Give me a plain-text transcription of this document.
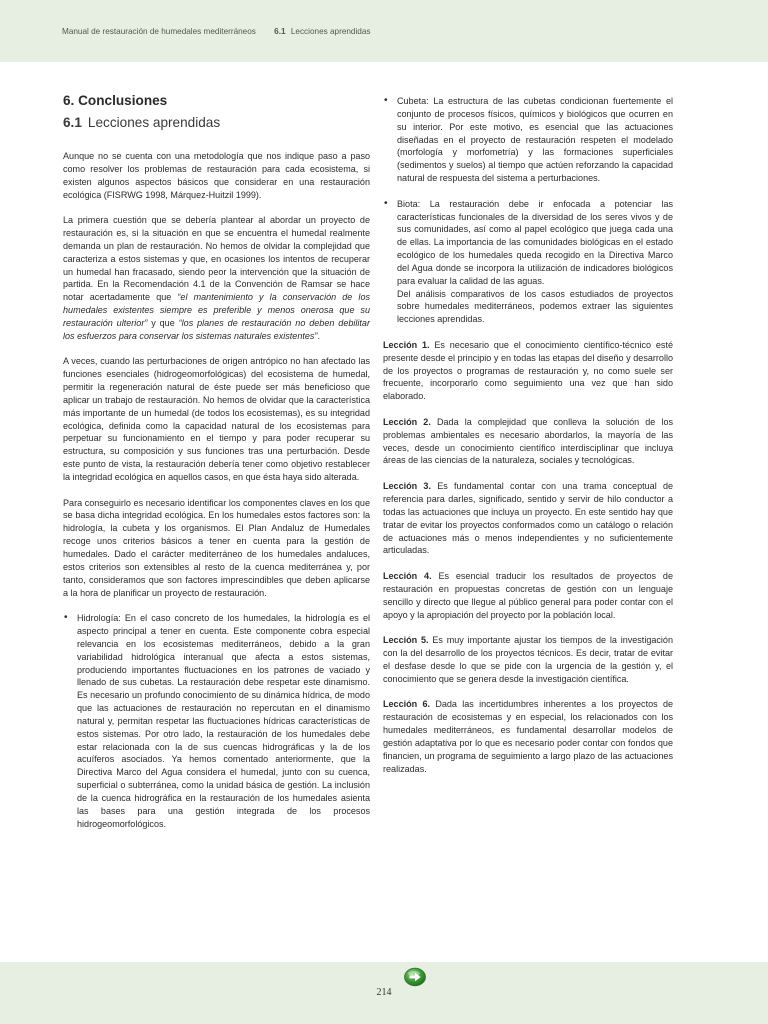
Manual de restauración de humedales mediterráneos 6.1 Lecciones aprendidas
6. Conclusiones
6.1 Lecciones aprendidas

Aunque no se cuenta con una metodología que nos indique paso a paso como resolver los problemas de restauración para cada ecosistema, si existen algunos aspectos básicos que considerar en una restauración ecológica (FISRWG 1998, Márquez-Huitzil 1999).

La primera cuestión que se debería plantear al abordar un proyecto de restauración es, si la situación en que se encuentra el humedal realmente demanda un plan de restauración. No hemos de olvidar la complejidad que caracteriza a estos sistemas y que, en ocasiones los intentos de recuperar un humedal han fracasado, siendo peor la intervención que la situación de partida. En la Recomendación 4.1 de la Convención de Ramsar se hace notar acertadamente que “el mantenimiento y la conservación de los humedales existentes siempre es preferible y menos onerosa que su restauración ulterior” y que “los planes de restauración no deben debilitar los esfuerzos para conservar los sistemas naturales existentes”.

A veces, cuando las perturbaciones de origen antrópico no han afectado las funciones esenciales (hidrogeomorfológicas) del ecosistema de humedal, permitir la regeneración natural de éste puede ser más beneficioso que aplicar un trabajo de restauración. No hemos de olvidar que la característica más importante de un humedal (de todos los ecosistemas), es su integridad ecológica, definida como la capacidad natural de los ecosistemas para perpetuar su funcionamiento en el tiempo y para poder recuperar su estructura, su composición y sus funciones tras una perturbación. Desde este punto de vista, la restauración debería tener como objetivo restablecer la integridad ecológica en aquellos casos, en que ésta haya sido alterada.

Para conseguirlo es necesario identificar los componentes claves en los que se basa dicha integridad ecológica. En los humedales estos factores son: la hidrología, la cubeta y los organismos. El Plan Andaluz de Humedales recoge unos criterios básicos a tener en cuenta para la gestión de humedales. Dado el carácter mediterráneo de los humedales andaluces, estos criterios son extensibles al resto de la cuenca mediterránea y, por tanto, consideramos que son factores imprescindibles que deben aplicarse a la hora de planificar un proyecto de restauración.

• Hidrología: En el caso concreto de los humedales, la hidrología es el aspecto principal a tener en cuenta. Este componente cobra especial relevancia en los ecosistemas mediterráneos, debido a la gran variabilidad hidrológica interanual que afecta a estos sistemas, produciendo importantes fluctuaciones en los patrones de vaciado y llenado de sus cubetas. La restauración debe respetar este dinamismo. Es necesario un profundo conocimiento de su dinámica hídrica, de modo que las actuaciones de restauración no repercutan en el dinamismo natural y, permitan respetar las fluctuaciones hídricas características de estos sistemas. Por otro lado, la restauración de los humedales debe estar relacionada con la de sus cuencas hidrográficas y la de los acuíferos asociados. Ya hemos comentado anteriormente, que la Directiva Marco del Agua considera el humedal, junto con su cuenca, superficial o subterránea, como la unidad básica de gestión. La inclusión de la cuenca hidrográfica en la restauración de los humedales asienta las bases para una gestión integrada de los procesos hidrogeomorfológicos.
• Cubeta: La estructura de las cubetas condicionan fuertemente el conjunto de procesos físicos, químicos y biológicos que ocurren en su interior. Por este motivo, es esencial que las actuaciones diseñadas en el proyecto de restauración respeten el modelado (morfología y morfometría) y las formaciones superficiales (sedimentos y suelos) al tiempo que actúen reforzando la capacidad natural de respuesta del sistema a perturbaciones.
• Biota: La restauración debe ir enfocada a potenciar las características funcionales de la diversidad de los seres vivos y de sus comunidades, así como al papel ecológico que juega cada una de ellas. La importancia de las comunidades biológicas en el estado ecológico de los humedales queda recogido en la Directiva Marco del Agua donde se incorpora la utilización de indicadores biológicos para evaluar la calidad de las aguas.

Del análisis comparativos de los casos estudiados de proyectos sobre humedales mediterráneos, podemos extraer las siguientes lecciones aprendidas.

Lección 1. Es necesario que el conocimiento científico-técnico esté presente desde el principio y en todas las etapas del diseño y desarrollo de los proyectos o programas de restauración y, no como suele ser frecuente, incorporarlo como seguimiento una vez que han sido elaborado.

Lección 2. Dada la complejidad que conlleva la solución de los problemas ambientales es necesario abordarlos, la mayoría de las veces, desde un conocimiento científico interdisciplinar que incluya áreas de las ciencias de la naturaleza, sociales y tecnológicas.

Lección 3. Es fundamental contar con una trama conceptual de referencia para darles, significado, sentido y servir de hilo conductor a todas las actuaciones que incluya un proyecto. En este sentido hay que tratar de evitar los proyectos conformados como un catálogo o relación de actuaciones más o menos independientes y no suficientemente articuladas.

Lección 4. Es esencial traducir los resultados de proyectos de restauración en propuestas concretas de gestión con un lenguaje sencillo y directo que llegue al público general para poder contar con el apoyo y la apropiación del proyecto por la población local.

Lección 5. Es muy importante ajustar los tiempos de la investigación con la del desarrollo de los proyectos técnicos. Es decir, tratar de evitar el desfase desde lo que se pide con la urgencia de la gestión y, el conocimiento que se genera desde la investigación científica.

Lección 6. Dada las incertidumbres inherentes a los proyectos de restauración de ecosistemas y en especial, los relacionados con los humedales mediterráneos, es fundamental desarrollar modelos de gestión adaptativa por lo que es necesario poder contar con fondos que financien, un programa de seguimiento a largo plazo de las actuaciones realizadas.

214
